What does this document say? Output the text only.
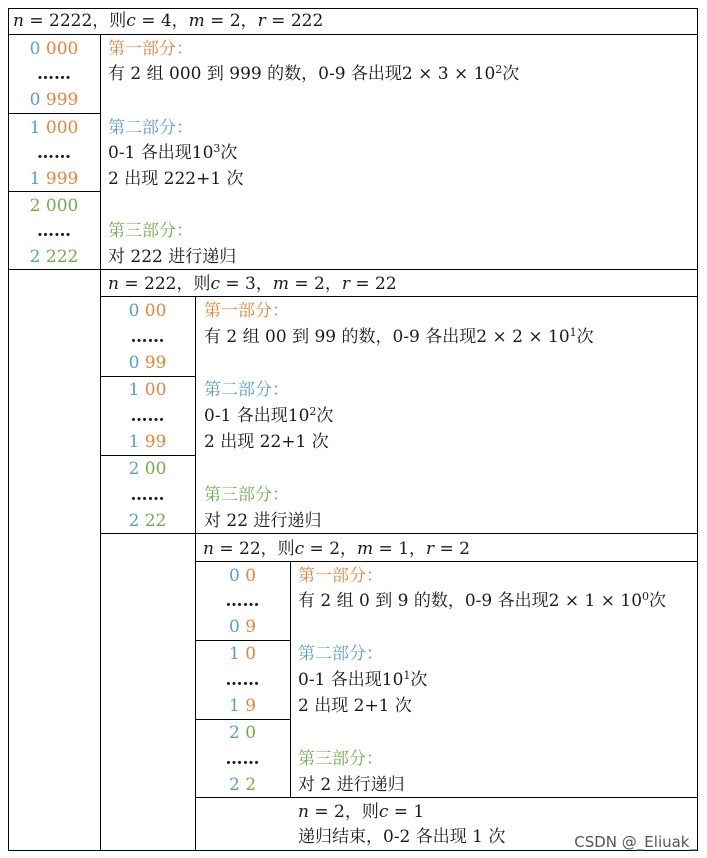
𝑛 = 2222，则𝑐 = 4，𝑚 = 2，𝑟 = 222
0 000
……
0 999
1 000
……
1 999
2 000
……
2 222
第一部分：
有 2 组 000 到 999 的数，0-9 各出现$2 \times 3 \times 10^2$次
第二部分：
0-1 各出现$10^3$次
2 出现 222+1 次
第三部分：
对 222 进行递归
𝑛 = 222，则𝑐 = 3，𝑚 = 2，𝑟 = 22
0 00
……
0 99
1 00
……
1 99
2 00
……
2 22
第一部分：
有 2 组 00 到 99 的数，0-9 各出现$2 \times 2 \times 10^1$次
第二部分：
0-1 各出现$10^2$次
2 出现 22+1 次
第三部分：
对 22 进行递归
𝑛 = 22，则𝑐 = 2，𝑚 = 1，𝑟 = 2
0 0
……
0 9
1 0
……
1 9
2 0
……
2 2
第一部分：
有 2 组 0 到 9 的数，0-9 各出现$2 \times 1 \times 10^0$次
第二部分：
0-1 各出现$10^1$次
2 出现 2+1 次
第三部分：
对 2 进行递归
𝑛 = 2，则𝑐 = 1
递归结束，0-2 各出现 1 次	CSDN @_Eliuak_
